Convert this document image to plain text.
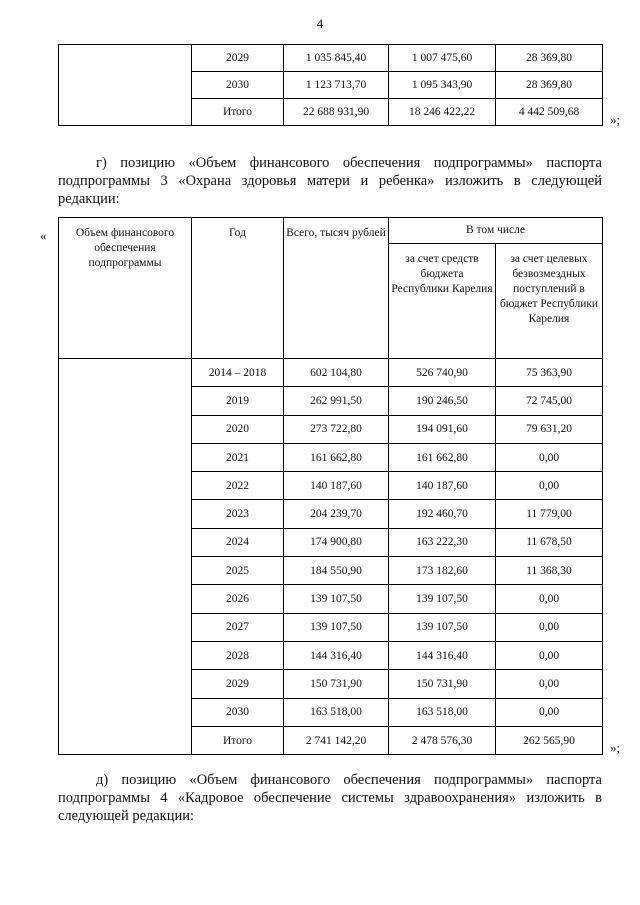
4
	2029	1 035 845,40	1 007 475,60	28 369,80
	2030	1 123 713,70	1 095 343,90	28 369,80
	Итого	22 688 931,90	18 246 422,22	4 442 509,68 »;

г) позицию «Объем финансового обеспечения подпрограммы» паспорта подпрограммы 3 «Охрана здоровья матери и ребенка» изложить в следующей редакции:

«	Объем финансового обеспечения подпрограммы	Год	Всего, тысяч рублей	В том числе	
			за счет средств бюджета Республики Карелия	за счет целевых безвозмездных поступлений в бюджет Республики Карелия
	2014 – 2018	602 104,80	526 740,90	75 363,90
	2019	262 991,50	190 246,50	72 745,00
	2020	273 722,80	194 091,60	79 631,20
	2021	161 662,80	161 662,80	0,00
	2022	140 187,60	140 187,60	0,00
	2023	204 239,70	192 460,70	11 779,00
	2024	174 900,80	163 222,30	11 678,50
	2025	184 550,90	173 182,60	11 368,30
	2026	139 107,50	139 107,50	0,00
	2027	139 107,50	139 107,50	0,00
	2028	144 316,40	144 316,40	0,00
	2029	150 731,90	150 731,90	0,00
	2030	163 518,00	163 518,00	0,00
	Итого	2 741 142,20	2 478 576,30	262 565,90	»;

д) позицию «Объем финансового обеспечения подпрограммы» паспорта подпрограммы 4 «Кадровое обеспечение системы здравоохранения» изложить в следующей редакции:
